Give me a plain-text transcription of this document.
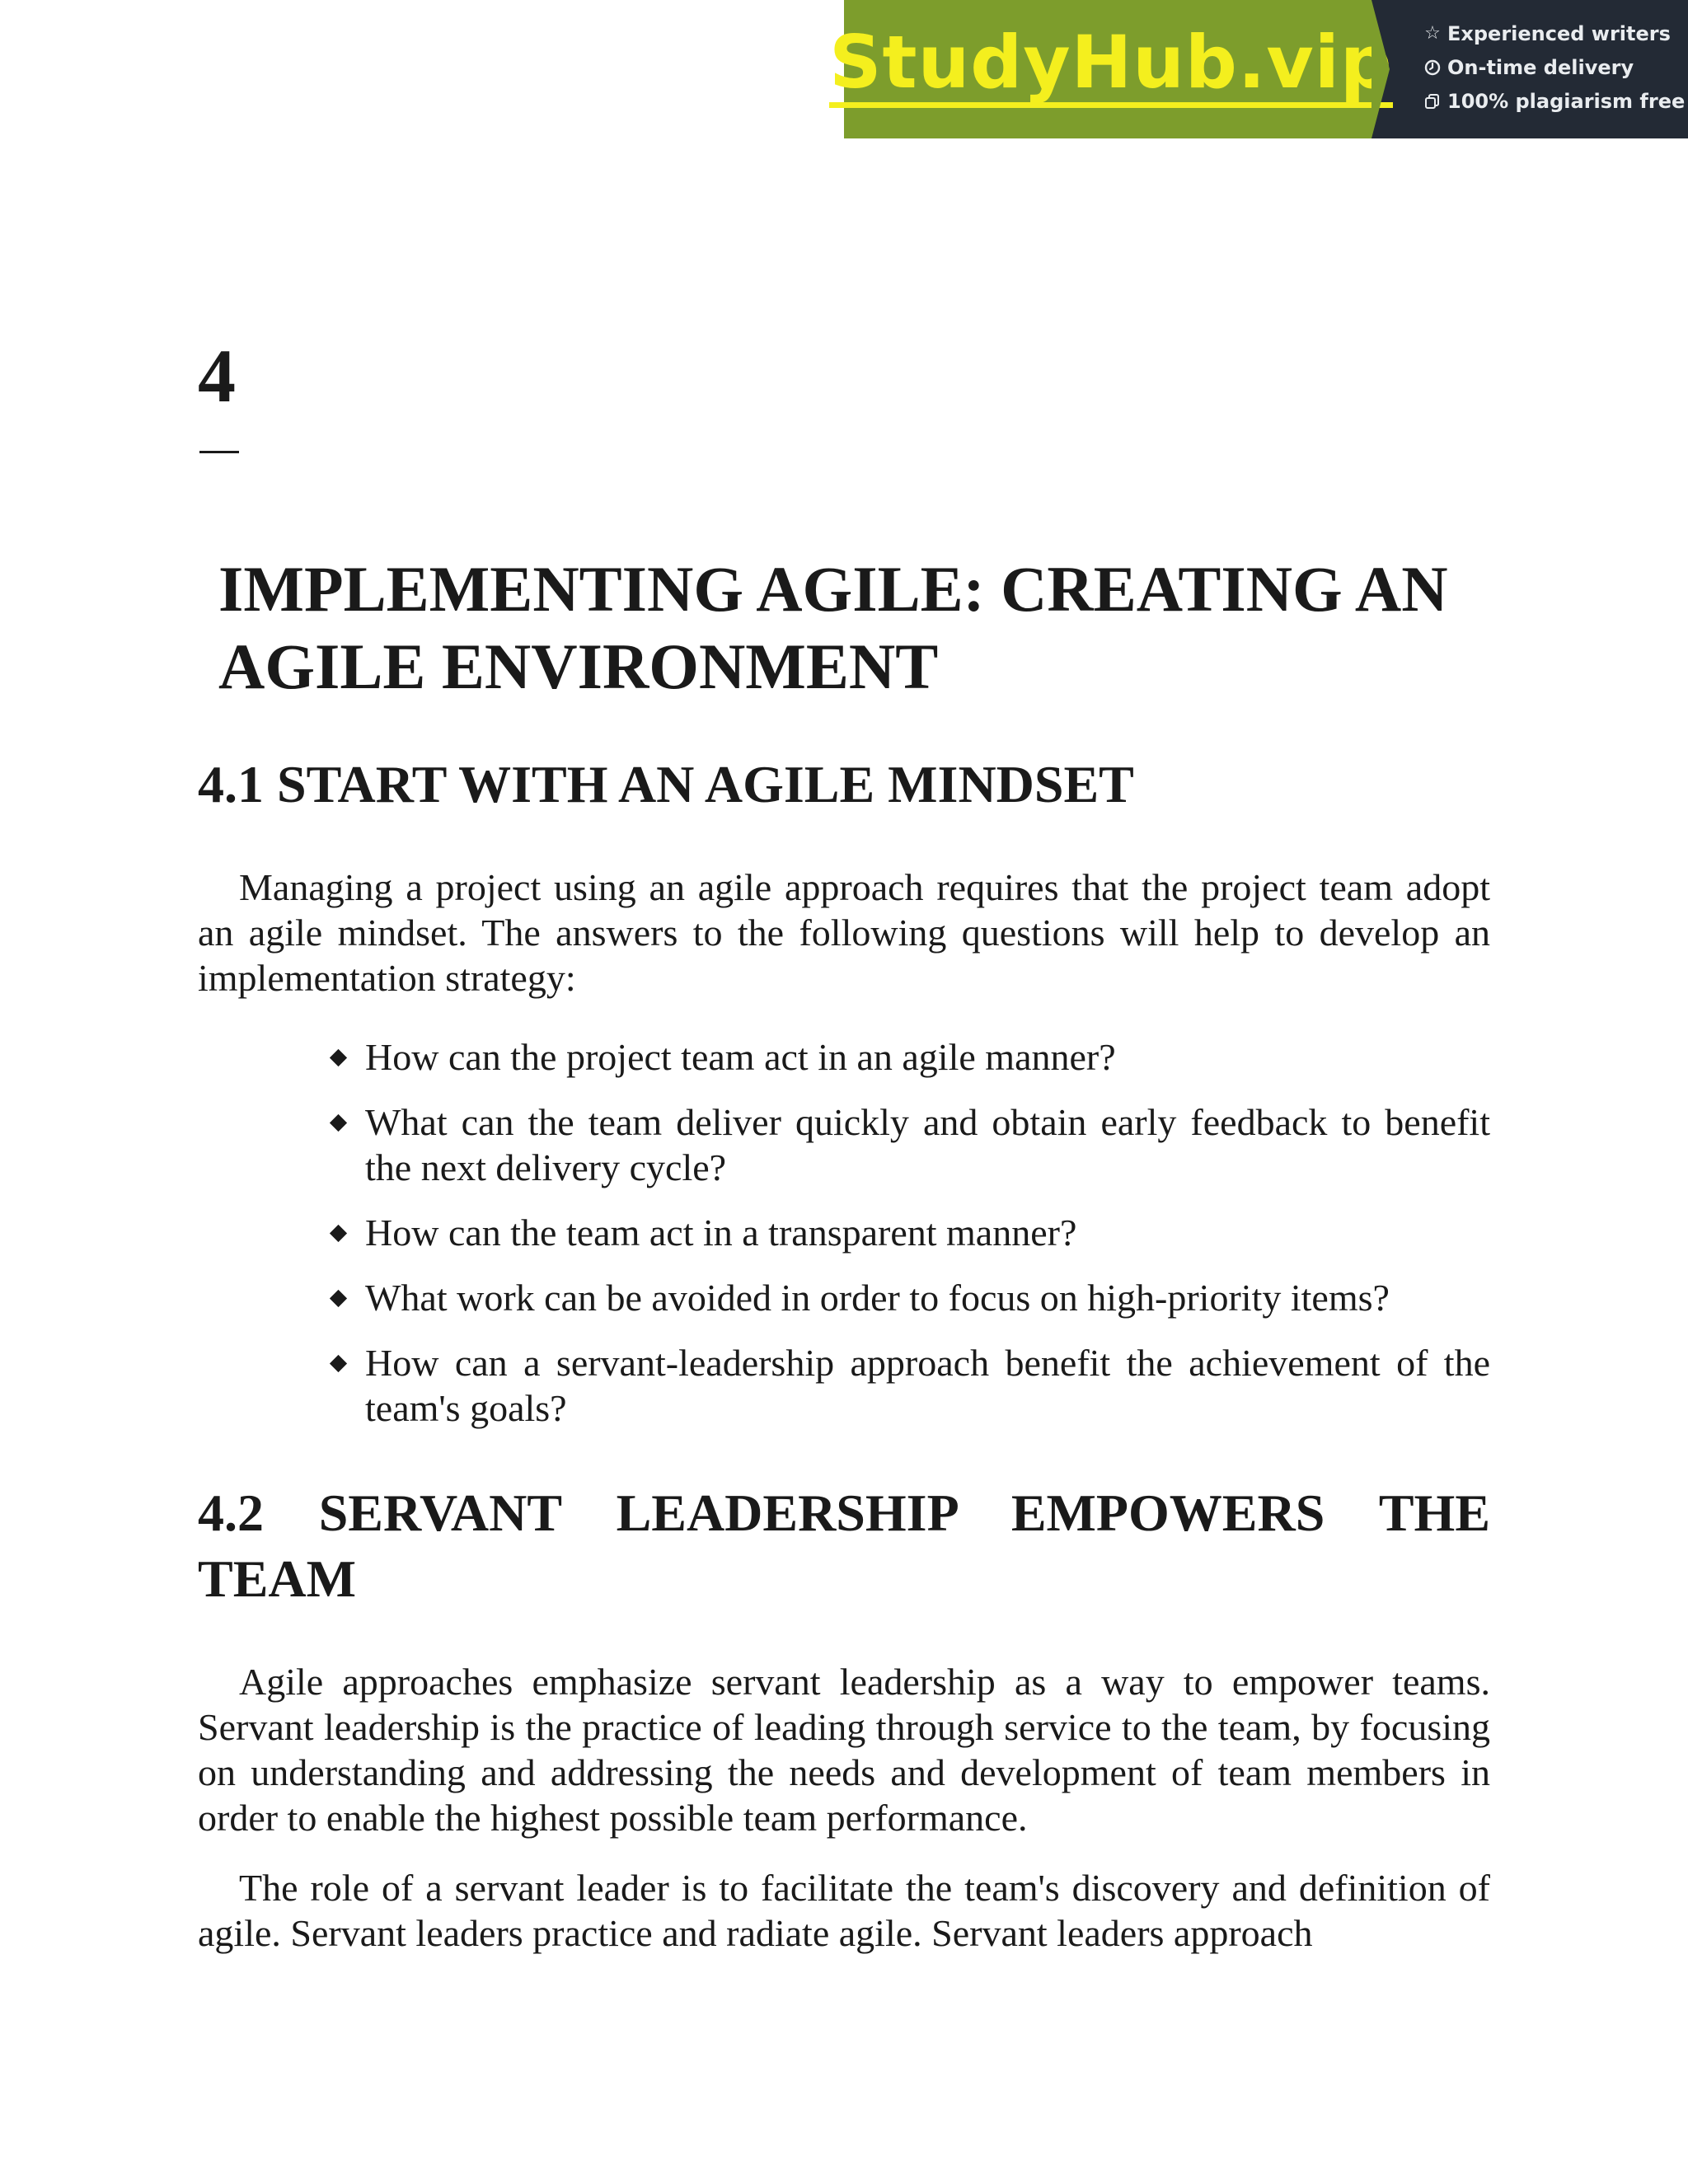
StudyHub.vip ☆ Experienced writers
On-time delivery
100% plagiarism free
4
IMPLEMENTING AGILE: CREATING AN AGILE ENVIRONMENT
4.1 START WITH AN AGILE MINDSET

Managing a project using an agile approach requires that the project team adopt an agile mindset. The answers to the following questions will help to develop an implementation strategy:

How can the project team act in an agile manner?
What can the team deliver quickly and obtain early feedback to benefit the next delivery cycle?
How can the team act in a transparent manner?
What work can be avoided in order to focus on high-priority items?
How can a servant-leadership approach benefit the achievement of the team's goals?
4.2 SERVANT LEADERSHIP EMPOWERS THE TEAM

Agile approaches emphasize servant leadership as a way to empower teams. Servant leadership is the practice of leading through service to the team, by focusing on understanding and addressing the needs and development of team members in order to enable the highest possible team performance.

The role of a servant leader is to facilitate the team's discovery and definition of agile. Servant leaders practice and radiate agile. Servant leaders approach
